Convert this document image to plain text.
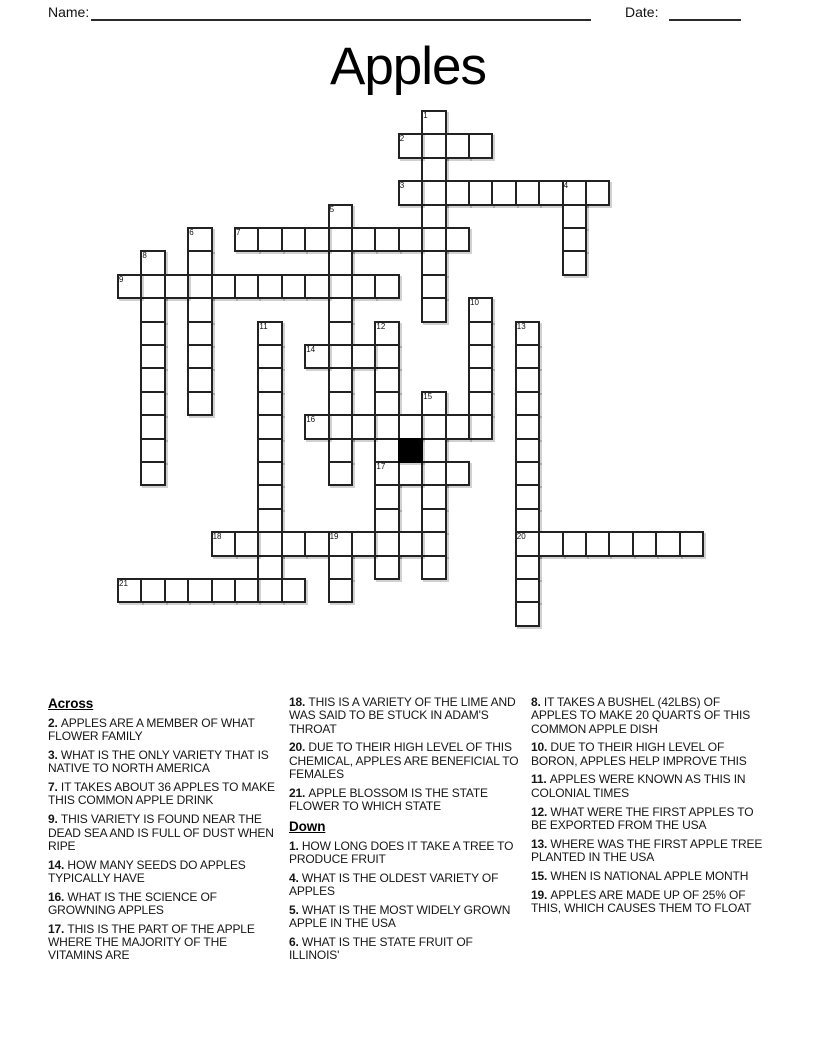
Name:	Date:
Apples
1
2
3	4
5
6	7
8
9
10
11	12	13
14
15
16
17
18	19	20
21
Across
2. APPLES ARE A MEMBER OF WHAT FLOWER FAMILY
3. WHAT IS THE ONLY VARIETY THAT IS NATIVE TO NORTH AMERICA
7. IT TAKES ABOUT 36 APPLES TO MAKE THIS COMMON APPLE DRINK
9. THIS VARIETY IS FOUND NEAR THE DEAD SEA AND IS FULL OF DUST WHEN RIPE
14. HOW MANY SEEDS DO APPLES TYPICALLY HAVE
16. WHAT IS THE SCIENCE OF GROWNING APPLES
17. THIS IS THE PART OF THE APPLE WHERE THE MAJORITY OF THE VITAMINS ARE
18. THIS IS A VARIETY OF THE LIME AND WAS SAID TO BE STUCK IN ADAM'S THROAT
20. DUE TO THEIR HIGH LEVEL OF THIS CHEMICAL, APPLES ARE BENEFICIAL TO FEMALES
21. APPLE BLOSSOM IS THE STATE FLOWER TO WHICH STATE
Down
1. HOW LONG DOES IT TAKE A TREE TO PRODUCE FRUIT
4. WHAT IS THE OLDEST VARIETY OF APPLES
5. WHAT IS THE MOST WIDELY GROWN APPLE IN THE USA
6. WHAT IS THE STATE FRUIT OF ILLINOIS'
8. IT TAKES A BUSHEL (42LBS) OF APPLES TO MAKE 20 QUARTS OF THIS COMMON APPLE DISH
10. DUE TO THEIR HIGH LEVEL OF BORON, APPLES HELP IMPROVE THIS
11. APPLES WERE KNOWN AS THIS IN COLONIAL TIMES
12. WHAT WERE THE FIRST APPLES TO BE EXPORTED FROM THE USA
13. WHERE WAS THE FIRST APPLE TREE PLANTED IN THE USA
15. WHEN IS NATIONAL APPLE MONTH
19. APPLES ARE MADE UP OF 25% OF THIS, WHICH CAUSES THEM TO FLOAT
